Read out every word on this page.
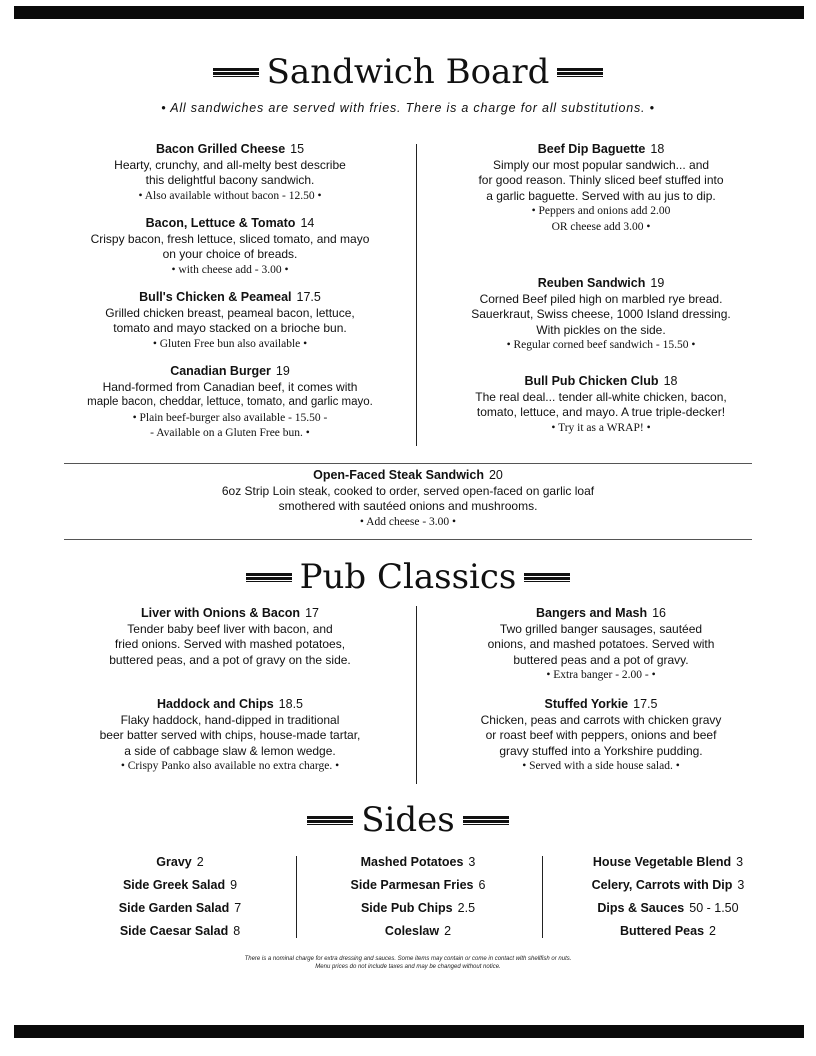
Sandwich Board
• All sandwiches are served with fries. There is a charge for all substitutions. •
Bacon Grilled Cheese 15
Hearty, crunchy, and all-melty best describe
this delightful bacony sandwich.
• Also available without bacon - 12.50 •
Bacon, Lettuce & Tomato 14
Crispy bacon, fresh lettuce, sliced tomato, and mayo
on your choice of breads.
• with cheese add - 3.00 •
Bull's Chicken & Peameal 17.5
Grilled chicken breast, peameal bacon, lettuce,
tomato and mayo stacked on a brioche bun.
• Gluten Free bun also available •
Canadian Burger 19
Hand-formed from Canadian beef, it comes with
maple bacon, cheddar, lettuce, tomato, and garlic mayo.
• Plain beef-burger also available - 15.50 -
- Available on a Gluten Free bun. •
Beef Dip Baguette 18
Simply our most popular sandwich... and
for good reason. Thinly sliced beef stuffed into
a garlic baguette. Served with au jus to dip.
• Peppers and onions add 2.00
OR cheese add 3.00 •
Reuben Sandwich 19
Corned Beef piled high on marbled rye bread.
Sauerkraut, Swiss cheese, 1000 Island dressing.
With pickles on the side.
• Regular corned beef sandwich - 15.50 •
Bull Pub Chicken Club 18
The real deal... tender all-white chicken, bacon,
tomato, lettuce, and mayo. A true triple-decker!
• Try it as a WRAP! •
Open-Faced Steak Sandwich 20
6oz Strip Loin steak, cooked to order, served open-faced on garlic loaf
smothered with sautéed onions and mushrooms.
• Add cheese - 3.00 •
Pub Classics
Liver with Onions & Bacon 17
Tender baby beef liver with bacon, and
fried onions. Served with mashed potatoes,
buttered peas, and a pot of gravy on the side.
Haddock and Chips 18.5
Flaky haddock, hand-dipped in traditional
beer batter served with chips, house-made tartar,
a side of cabbage slaw & lemon wedge.
• Crispy Panko also available no extra charge. •
Bangers and Mash 16
Two grilled banger sausages, sautéed
onions, and mashed potatoes. Served with
buttered peas and a pot of gravy.
• Extra banger - 2.00 - •
Stuffed Yorkie 17.5
Chicken, peas and carrots with chicken gravy
or roast beef with peppers, onions and beef
gravy stuffed into a Yorkshire pudding.
• Served with a side house salad. •
Sides
Gravy 2
Side Greek Salad 9
Side Garden Salad 7
Side Caesar Salad 8
Mashed Potatoes 3
Side Parmesan Fries 6
Side Pub Chips 2.5
Coleslaw 2
House Vegetable Blend 3
Celery, Carrots with Dip 3
Dips & Sauces 50 - 1.50
Buttered Peas 2
There is a nominal charge for extra dressing and sauces. Some items may contain or come in contact with shellfish or nuts.
Menu prices do not include taxes and may be changed without notice.
